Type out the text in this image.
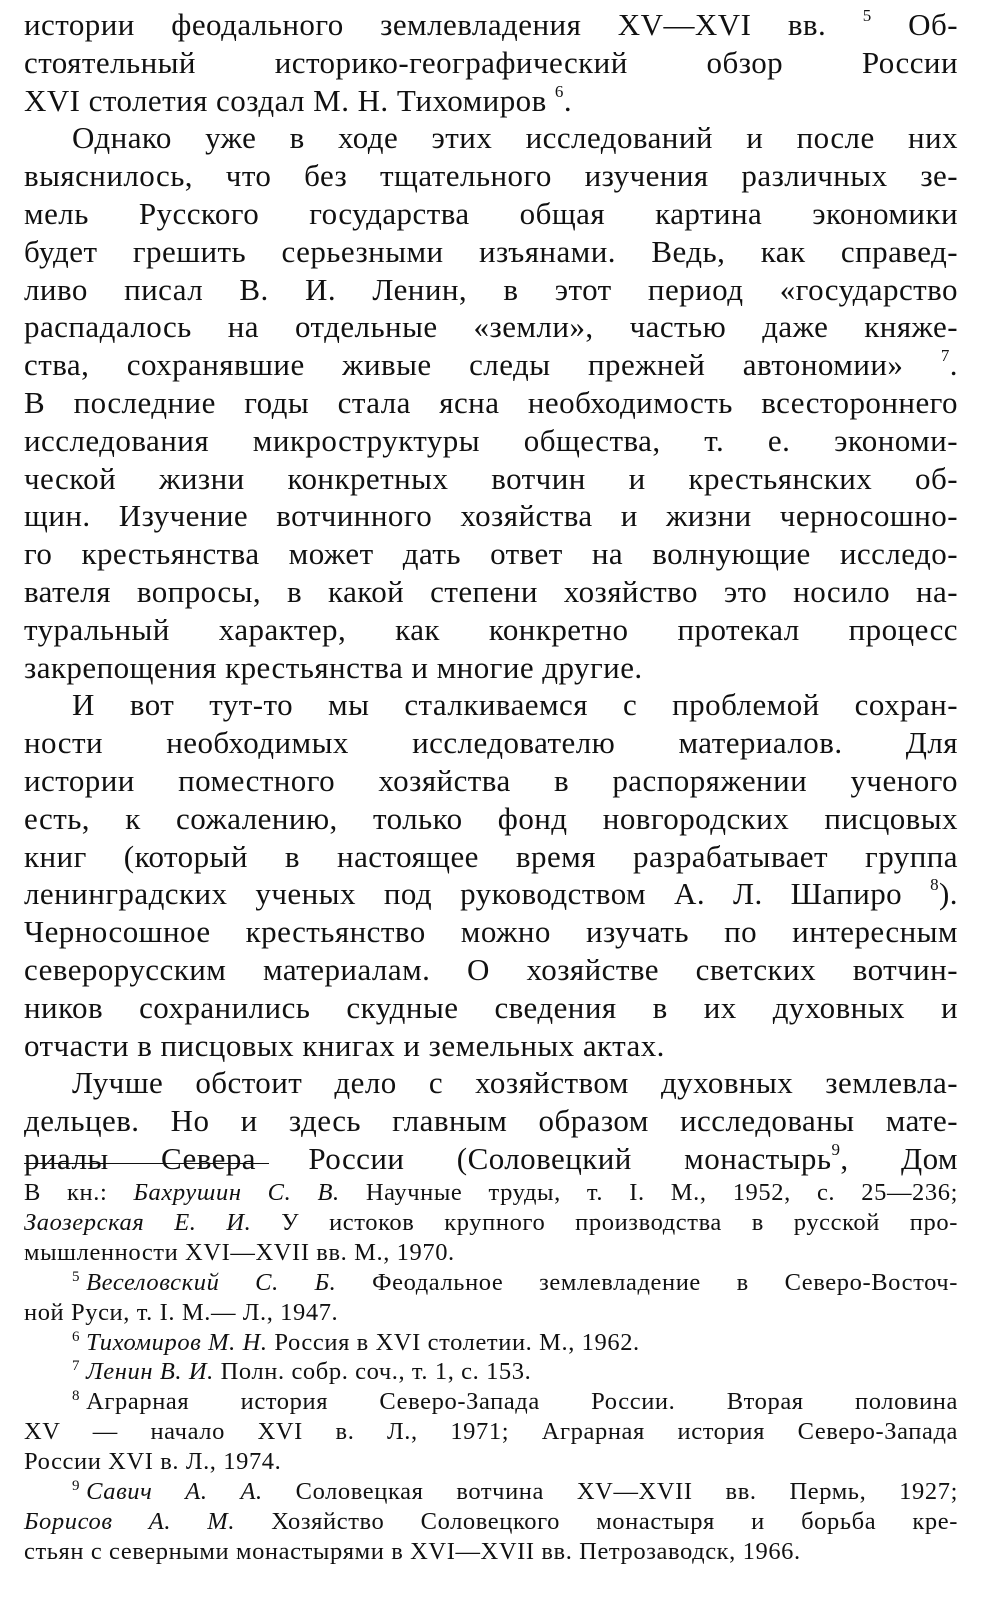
истории феодального землевладения XV—XVI вв. $^5$ Об-
стоятельный историко-географический обзор России
XVI столетия создал М. Н. Тихомиров $^6$.

Однако уже в ходе этих исследований и после них
выяснилось, что без тщательного изучения различных зе-
мель Русского государства общая картина экономики
будет грешить серьезными изъянами. Ведь, как справед-
ливо писал В. И. Ленин, в этот период «государство
распадалось на отдельные «земли», частью даже княже-
ства, сохранявшие живые следы прежней автономии» $^7$.
В последние годы стала ясна необходимость всестороннего
исследования микроструктуры общества, т. е. экономи-
ческой жизни конкретных вотчин и крестьянских об-
щин. Изучение вотчинного хозяйства и жизни черносошно-
го крестьянства может дать ответ на волнующие исследо-
вателя вопросы, в какой степени хозяйство это носило на-
туральный характер, как конкретно протекал процесс
закрепощения крестьянства и многие другие.

И вот тут-то мы сталкиваемся с проблемой сохран-
ности необходимых исследователю материалов. Для
истории поместного хозяйства в распоряжении ученого
есть, к сожалению, только фонд новгородских писцовых
книг (который в настоящее время разрабатывает группа
ленинградских ученых под руководством А. Л. Шапиро $^8$).
Черносошное крестьянство можно изучать по интересным
северорусским материалам. О хозяйстве светских вотчин-
ников сохранились скудные сведения в их духовных и
отчасти в писцовых книгах и земельных актах.

Лучше обстоит дело с хозяйством духовных землевла-
дельцев. Но и здесь главным образом исследованы мате-
риалы Севера России (Соловецкий монастырь$^9$, Дом

В кн.: Бахрушин С. В. Научные труды, т. I. М., 1952, с. 25—236;
Заозерская Е. И. У истоков крупного производства в русской про-
мышленности XVI—XVII вв. М., 1970.

$^5$ Веселовский С. Б. Феодальное землевладение в Северо-Восточ-
ной Руси, т. I. М.— Л., 1947.

$^6$ Тихомиров М. Н. Россия в XVI столетии. М., 1962.

$^7$ Ленин В. И. Полн. собр. соч., т. 1, с. 153.

$^8$ Аграрная история Северо-Запада России. Вторая половина
XV — начало XVI в. Л., 1971; Аграрная история Северо-Запада
России XVI в. Л., 1974.

$^9$ Савич А. А. Соловецкая вотчина XV—XVII вв. Пермь, 1927;
Борисов А. М. Хозяйство Соловецкого монастыря и борьба кре-
стьян с северными монастырями в XVI—XVII вв. Петрозаводск, 1966.
